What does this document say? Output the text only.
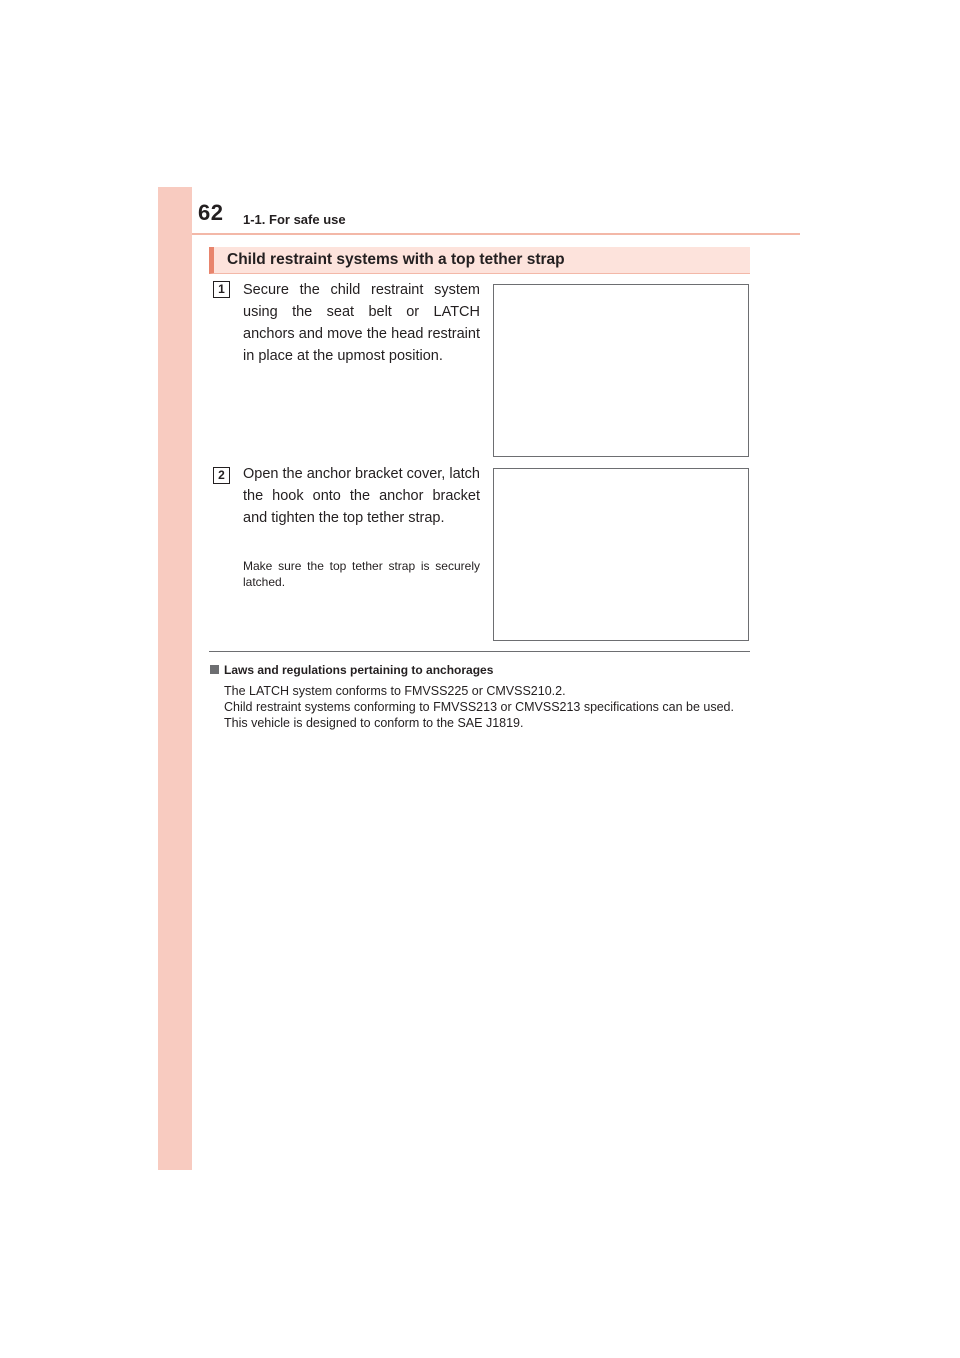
62 1-1. For safe use
Child restraint systems with a top tether strap
1	Secure the child restraint system using the seat belt or LATCH anchors and move the head restraint in place at the upmost position.
2	Open the anchor bracket cover, latch the hook onto the anchor bracket and tighten the top tether strap.
Make sure the top tether strap is securely latched.
Laws and regulations pertaining to anchorages

The LATCH system conforms to FMVSS225 or CMVSS210.2.

Child restraint systems conforming to FMVSS213 or CMVSS213 specifications can be used.

This vehicle is designed to conform to the SAE J1819.
